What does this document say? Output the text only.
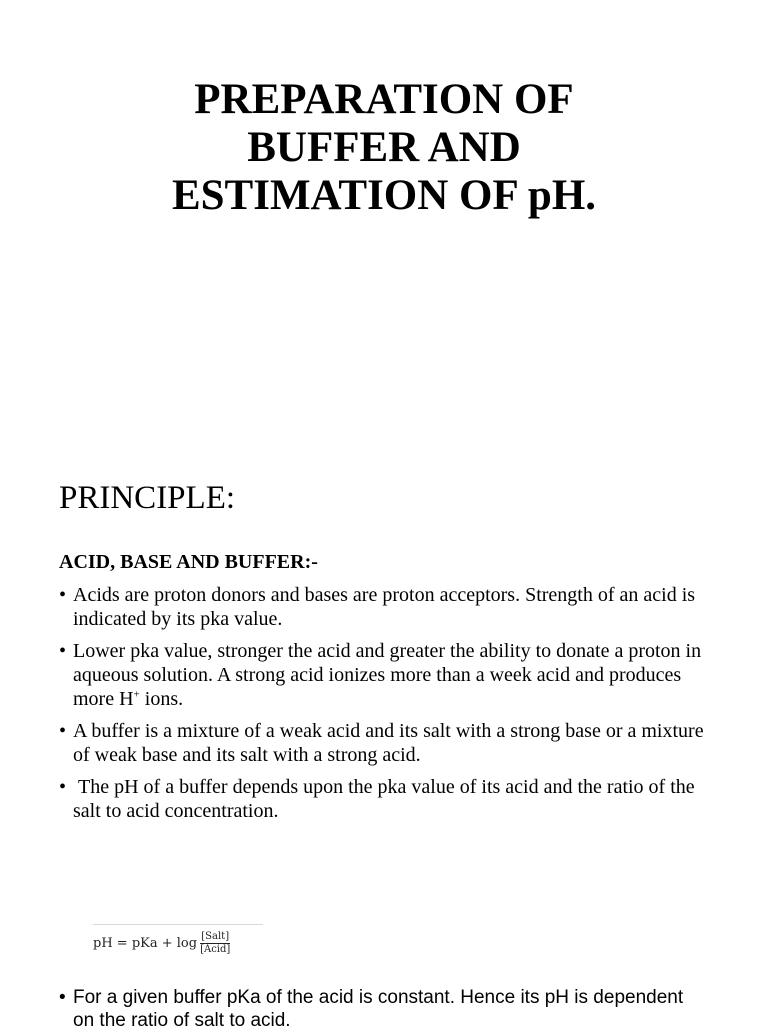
PREPARATION OF
BUFFER AND
ESTIMATION OF pH.
PRINCIPLE:
ACID, BASE AND BUFFER:-
• Acids are proton donors and bases are proton acceptors. Strength of an acid is indicated by its pka value.
• Lower pka value, stronger the acid and greater the ability to donate a proton in aqueous solution. A strong acid ionizes more than a week acid and produces more H+ ions.
• A buffer is a mixture of a weak acid and its salt with a strong base or a mixture of weak base and its salt with a strong acid.
• The pH of a buffer depends upon the pka value of its acid and the ratio of the salt to acid concentration.
pH = pKa + $\log \frac{\text{[Salt]}}{\text{[Acid]}}$
• For a given buffer pKa of the acid is constant. Hence its pH is dependent on the ratio of salt to acid.
